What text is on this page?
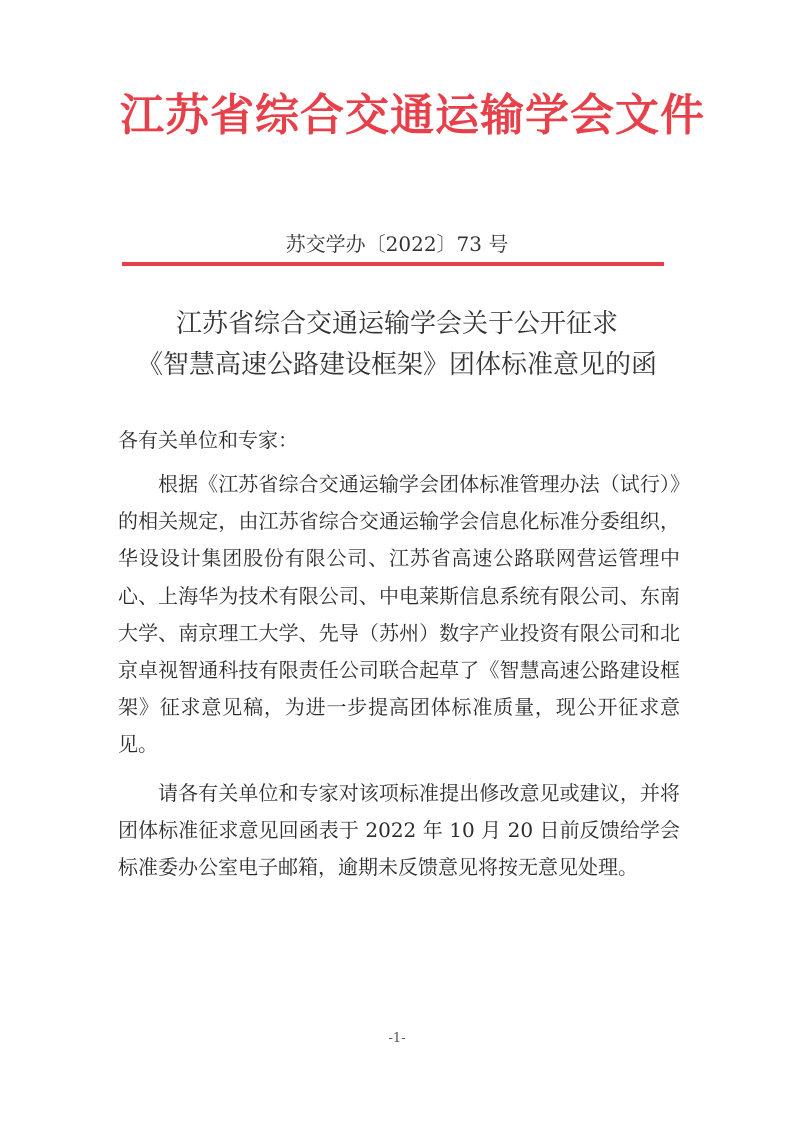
江苏省综合交通运输学会文件
苏交学办〔2022〕73 号
江苏省综合交通运输学会关于公开征求
《智慧高速公路建设框架》团体标准意见的函
各有关单位和专家：

根据《江苏省综合交通运输学会团体标准管理办法（试行）》的相关规定，由江苏省综合交通运输学会信息化标准分委组织，华设设计集团股份有限公司、江苏省高速公路联网营运管理中心、上海华为技术有限公司、中电莱斯信息系统有限公司、东南大学、南京理工大学、先导（苏州）数字产业投资有限公司和北京卓视智通科技有限责任公司联合起草了《智慧高速公路建设框架》征求意见稿，为进一步提高团体标准质量，现公开征求意见。

请各有关单位和专家对该项标准提出修改意见或建议，并将团体标准征求意见回函表于 2022 年 10 月 20 日前反馈给学会标准委办公室电子邮箱，逾期未反馈意见将按无意见处理。

-1-
